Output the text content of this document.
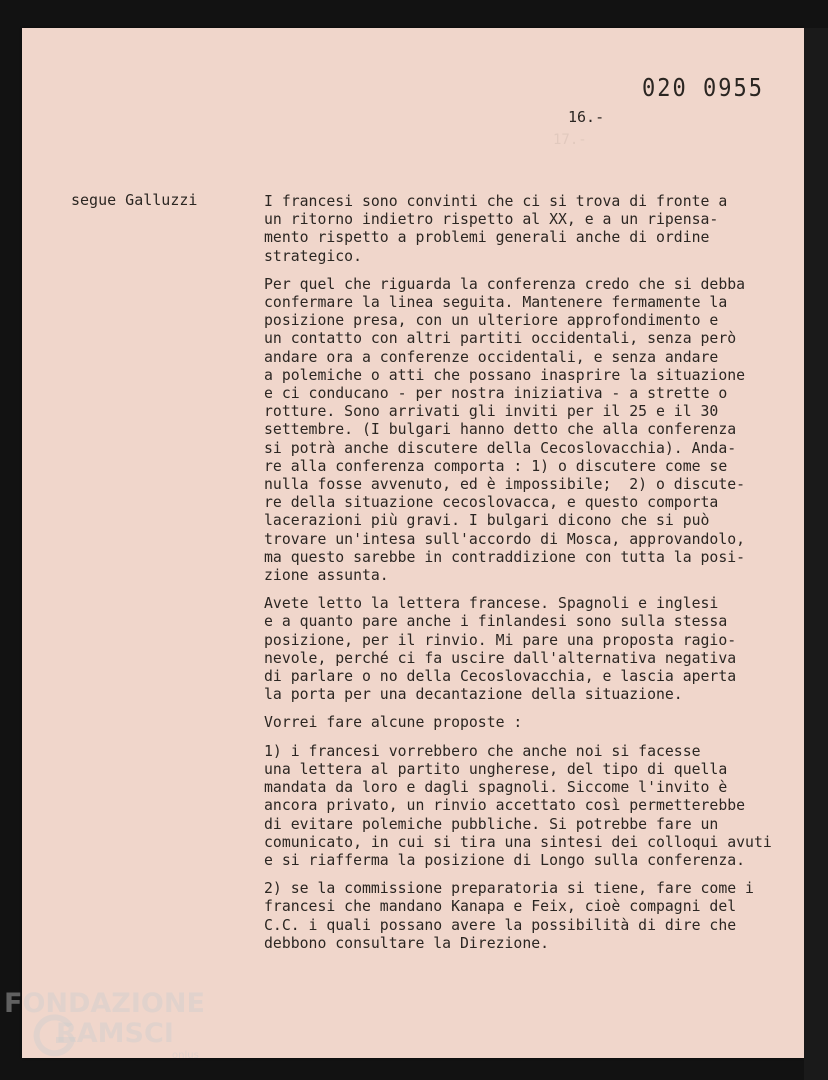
17.-
020 0955
16.-
segue Galluzzi	I francesi sono convinti che ci si trova di fronte a
un ritorno indietro rispetto al XX, e a un ripensa-
mento rispetto a problemi generali anche di ordine
strategico.

Per quel che riguarda la conferenza credo che si debba
confermare la linea seguita. Mantenere fermamente la
posizione presa, con un ulteriore approfondimento e
un contatto con altri partiti occidentali, senza però
andare ora a conferenze occidentali, e senza andare
a polemiche o atti che possano inasprire la situazione
e ci conducano - per nostra iniziativa - a strette o
rotture. Sono arrivati gli inviti per il 25 e il 30
settembre. (I bulgari hanno detto che alla conferenza
si potrà anche discutere della Cecoslovacchia). Anda-
re alla conferenza comporta : 1) o discutere come se
nulla fosse avvenuto, ed è impossibile;  2) o discute-
re della situazione cecoslovacca, e questo comporta
lacerazioni più gravi. I bulgari dicono che si può
trovare un'intesa sull'accordo di Mosca, approvandolo,
ma questo sarebbe in contraddizione con tutta la posi-
zione assunta.

Avete letto la lettera francese. Spagnoli e inglesi
e a quanto pare anche i finlandesi sono sulla stessa
posizione, per il rinvio. Mi pare una proposta ragio-
nevole, perché ci fa uscire dall'alternativa negativa
di parlare o no della Cecoslovacchia, e lascia aperta
la porta per una decantazione della situazione.

Vorrei fare alcune proposte :

1) i francesi vorrebbero che anche noi si facesse
una lettera al partito ungherese, del tipo di quella
mandata da loro e dagli spagnoli. Siccome l'invito è
ancora privato, un rinvio accettato così permetterebbe
di evitare polemiche pubbliche. Si potrebbe fare un
comunicato, in cui si tira una sintesi dei colloqui avuti
e si riafferma la posizione di Longo sulla conferenza.

2) se la commissione preparatoria si tiene, fare come i
francesi che mandano Kanapa e Feix, cioè compagni del
C.C. i quali possano avere la possibilità di dire che
debbono consultare la Direzione.

FONDAZIONE
RAMSCI
onlus
